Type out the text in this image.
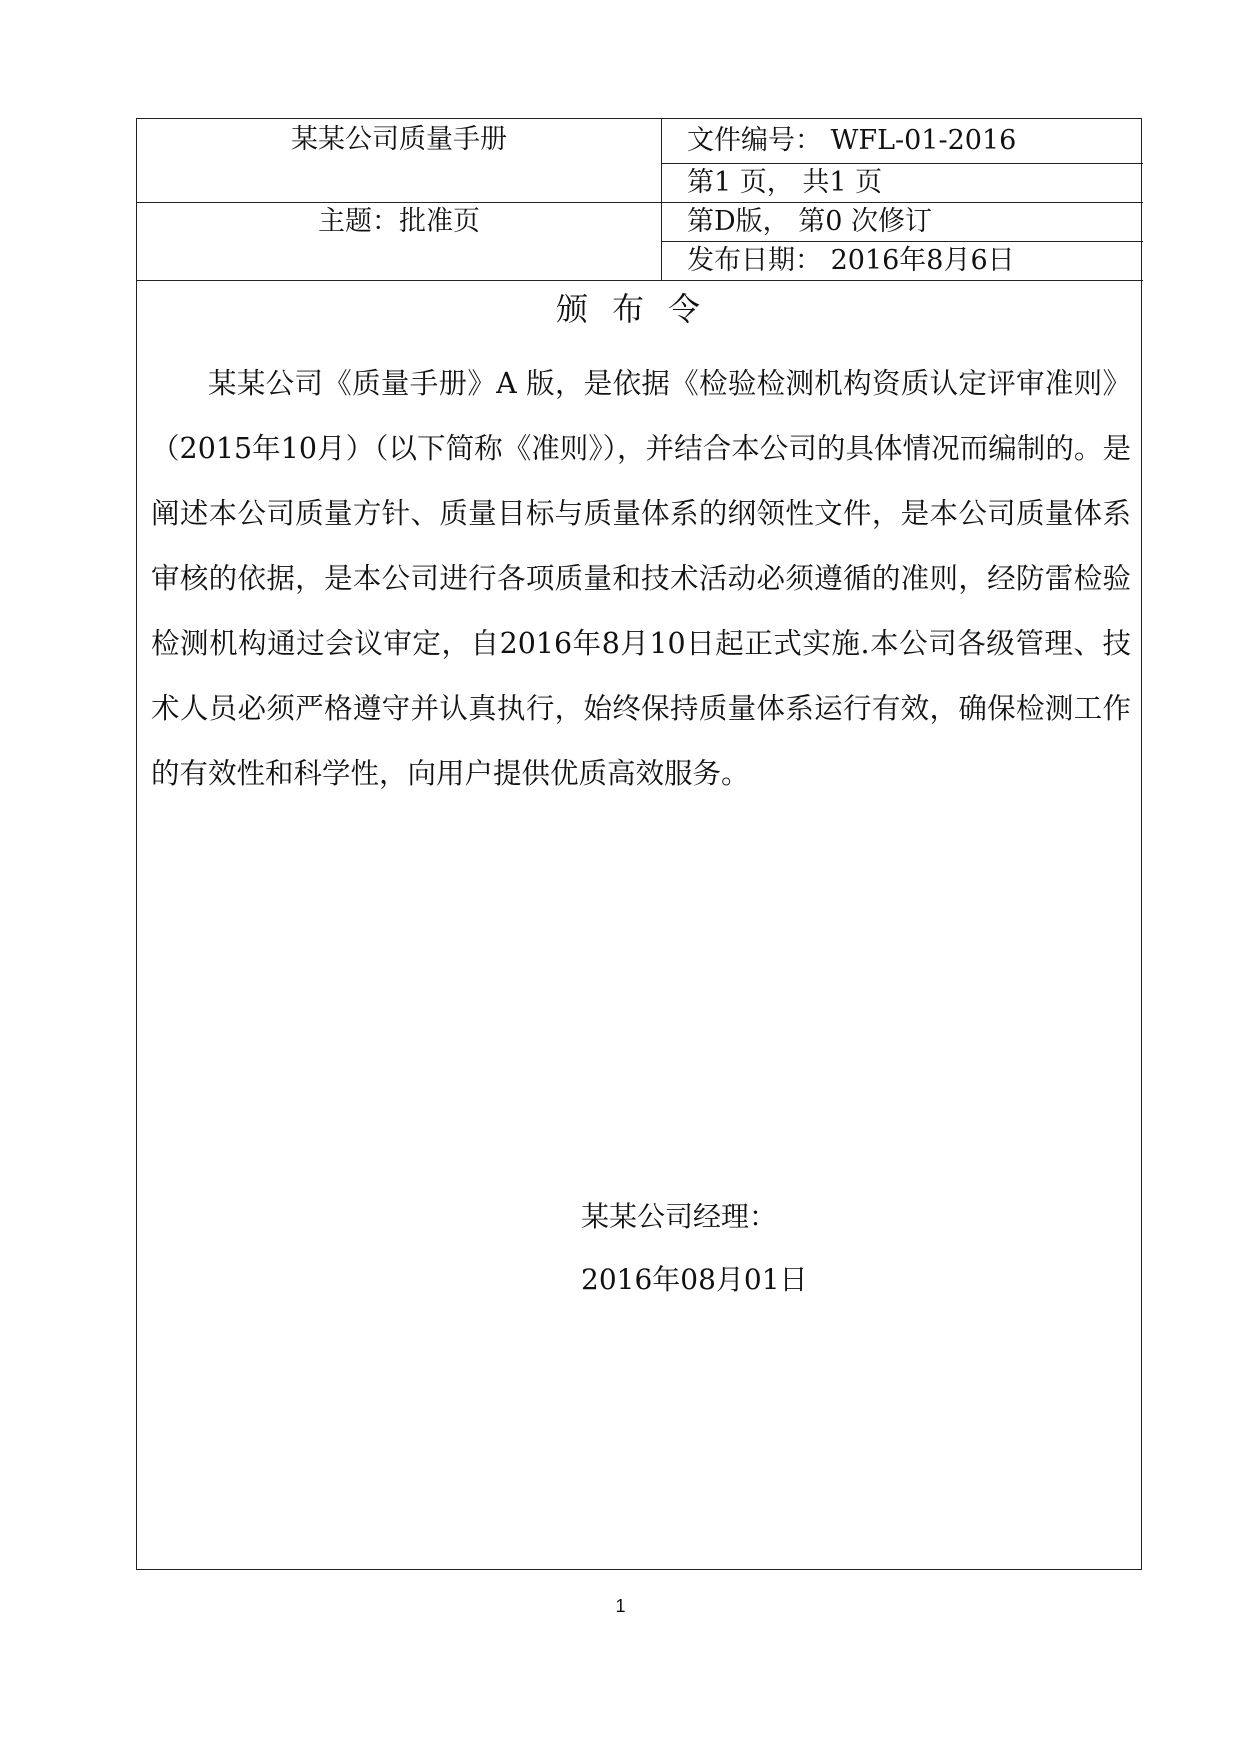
某某公司质量手册	文件编号： WFL-01-2016
第1 页， 共1 页
主题：批准页	第D版， 第0 次修订
发布日期： 2016年8月6日
颁布令
某某公司《质量手册》A 版，是依据《检验检测机构资质认定评审准则》（2015年10月）（以下简称《准则》），并结合本公司的具体情况而编制的。是阐述本公司质量方针、质量目标与质量体系的纲领性文件，是本公司质量体系审核的依据，是本公司进行各项质量和技术活动必须遵循的准则，经防雷检验检测机构通过会议审定，自2016年8月10日起正式实施.本公司各级管理、技术人员必须严格遵守并认真执行，始终保持质量体系运行有效，确保检测工作的有效性和科学性，向用户提供优质高效服务。
某某公司经理：
2016年08月01日
1
